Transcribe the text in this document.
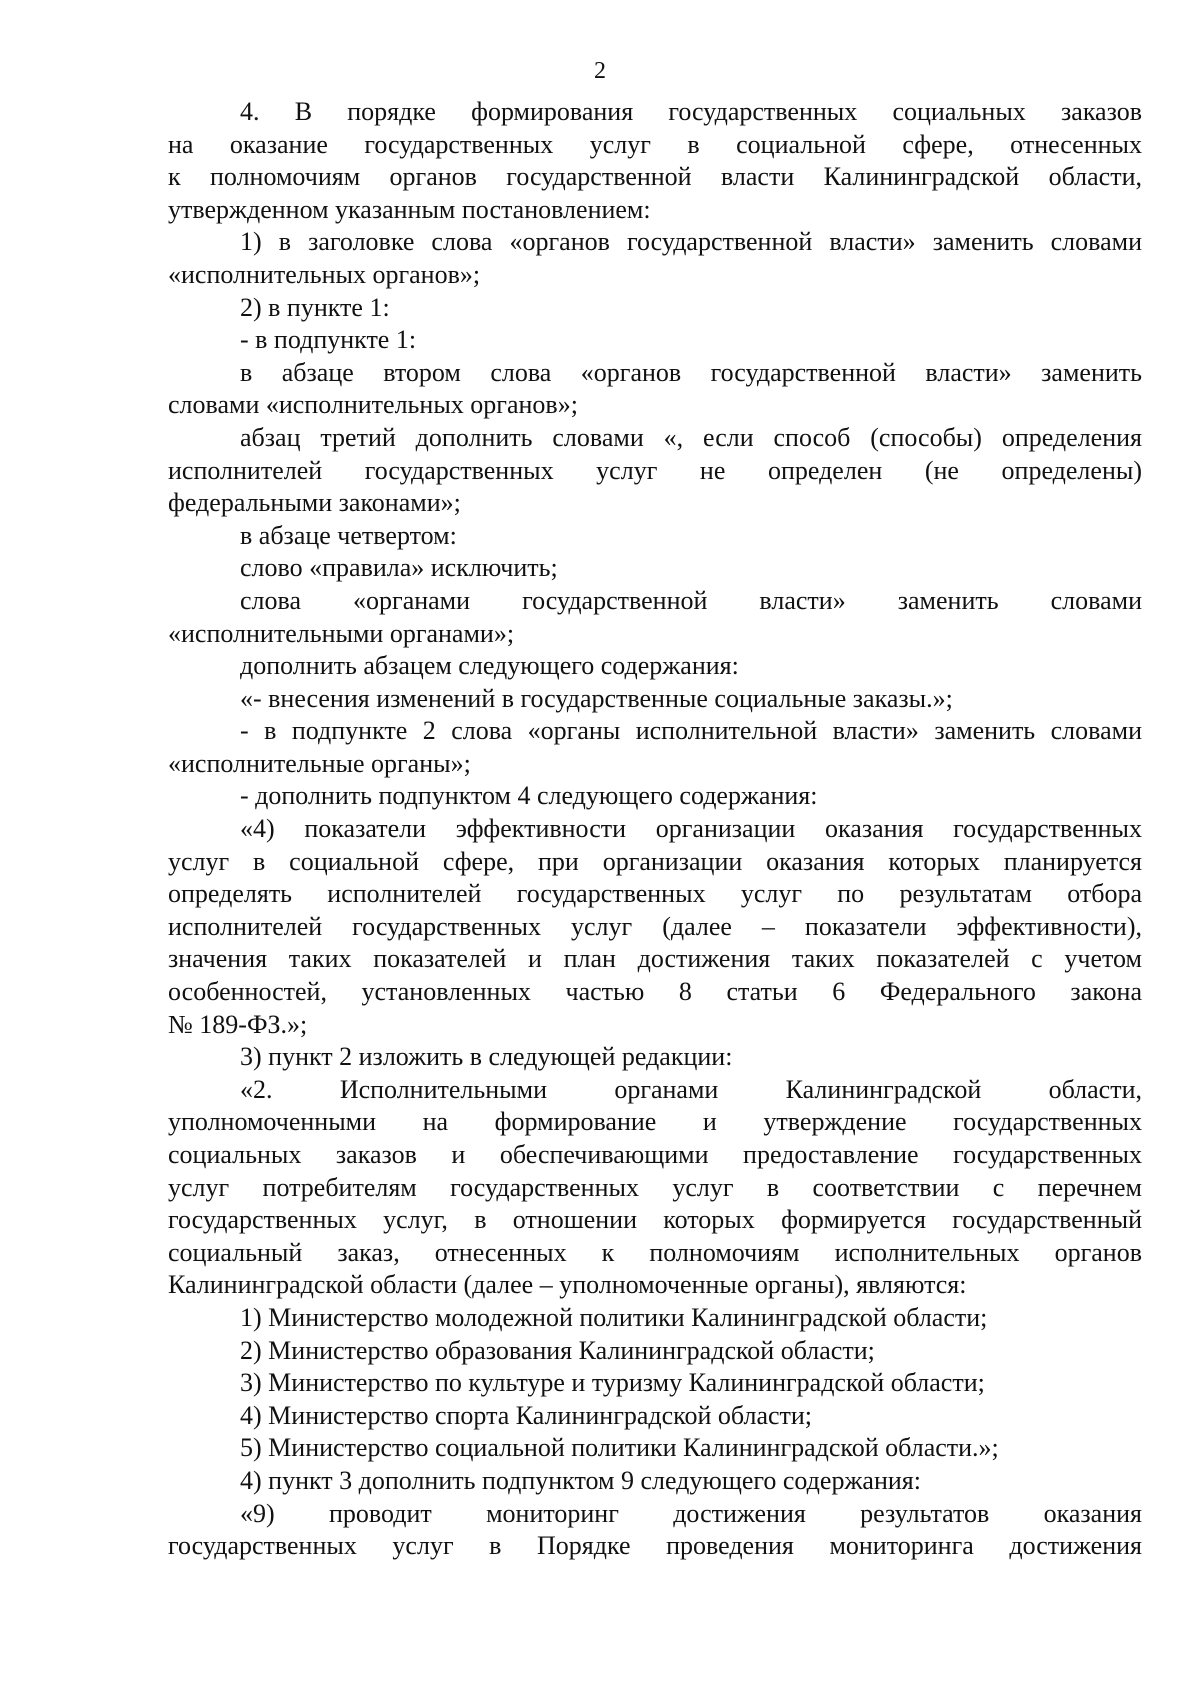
2
4. В порядке формирования государственных социальных заказов
на оказание государственных услуг в социальной сфере, отнесенных
к полномочиям органов государственной власти Калининградской области,
утвержденном указанным постановлением:
1) в заголовке слова «органов государственной власти» заменить словами
«исполнительных органов»;
2) в пункте 1:
- в подпункте 1:
в абзаце втором слова «органов государственной власти» заменить
словами «исполнительных органов»;
абзац третий дополнить словами «, если способ (способы) определения
исполнителей государственных услуг не определен (не определены)
федеральными законами»;
в абзаце четвертом:
слово «правила» исключить;
слова «органами государственной власти» заменить словами
«исполнительными органами»;
дополнить абзацем следующего содержания:
«- внесения изменений в государственные социальные заказы.»;
- в подпункте 2 слова «органы исполнительной власти» заменить словами
«исполнительные органы»;
- дополнить подпунктом 4 следующего содержания:
«4) показатели эффективности организации оказания государственных
услуг в социальной сфере, при организации оказания которых планируется
определять исполнителей государственных услуг по результатам отбора
исполнителей государственных услуг (далее – показатели эффективности),
значения таких показателей и план достижения таких показателей с учетом
особенностей, установленных частью 8 статьи 6 Федерального закона
№ 189-ФЗ.»;
3) пункт 2 изложить в следующей редакции:
«2. Исполнительными органами Калининградской области,
уполномоченными на формирование и утверждение государственных
социальных заказов и обеспечивающими предоставление государственных
услуг потребителям государственных услуг в соответствии с перечнем
государственных услуг, в отношении которых формируется государственный
социальный заказ, отнесенных к полномочиям исполнительных органов
Калининградской области (далее – уполномоченные органы), являются:
1) Министерство молодежной политики Калининградской области;
2) Министерство образования Калининградской области;
3) Министерство по культуре и туризму Калининградской области;
4) Министерство спорта Калининградской области;
5) Министерство социальной политики Калининградской области.»;
4) пункт 3 дополнить подпунктом 9 следующего содержания:
«9) проводит мониторинг достижения результатов оказания
государственных услуг в Порядке проведения мониторинга достижения
